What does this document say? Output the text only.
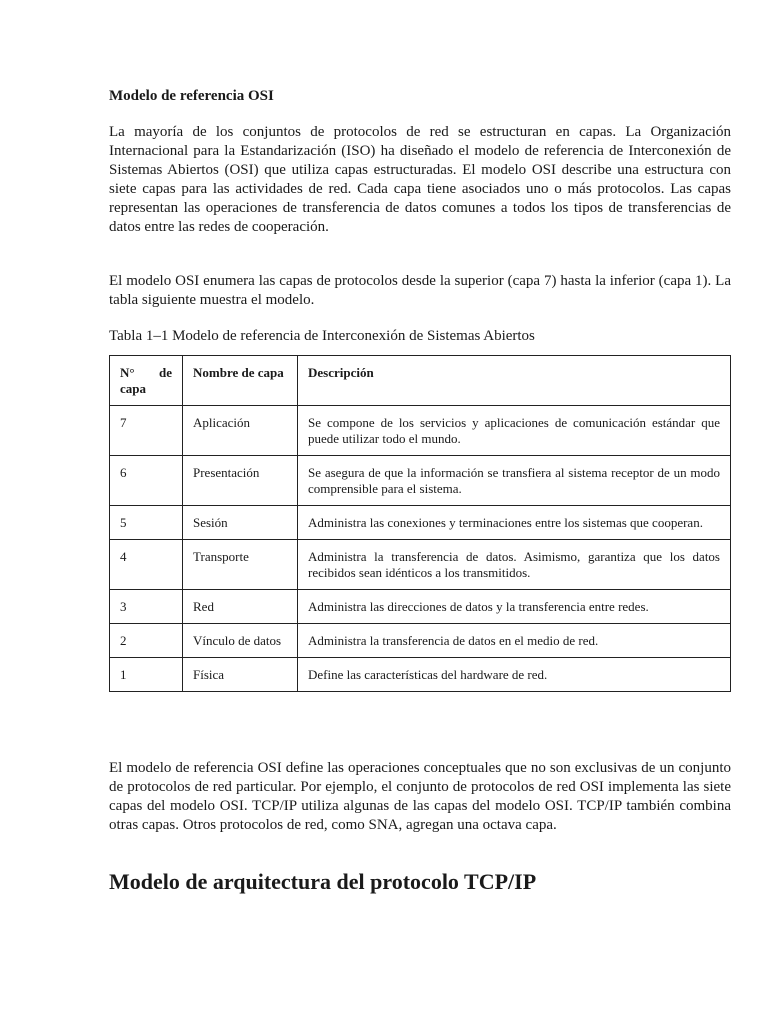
Modelo de referencia OSI

La mayoría de los conjuntos de protocolos de red se estructuran en capas. La Organización Internacional para la Estandarización (ISO) ha diseñado el modelo de referencia de Interconexión de Sistemas Abiertos (OSI) que utiliza capas estructuradas. El modelo OSI describe una estructura con siete capas para las actividades de red. Cada capa tiene asociados uno o más protocolos. Las capas representan las operaciones de transferencia de datos comunes a todos los tipos de transferencias de datos entre las redes de cooperación.

El modelo OSI enumera las capas de protocolos desde la superior (capa 7) hasta la inferior (capa 1). La tabla siguiente muestra el modelo.

Tabla 1–1 Modelo de referencia de Interconexión de Sistemas Abiertos

N° de capa	Nombre de capa	Descripción
7	Aplicación	Se compone de los servicios y aplicaciones de comunicación estándar que puede utilizar todo el mundo.
6	Presentación	Se asegura de que la información se transfiera al sistema receptor de un modo comprensible para el sistema.
5	Sesión	Administra las conexiones y terminaciones entre los sistemas que cooperan.
4	Transporte	Administra la transferencia de datos. Asimismo, garantiza que los datos recibidos sean idénticos a los transmitidos.
3	Red	Administra las direcciones de datos y la transferencia entre redes.
2	Vínculo de datos	Administra la transferencia de datos en el medio de red.
1	Física	Define las características del hardware de red.

El modelo de referencia OSI define las operaciones conceptuales que no son exclusivas de un conjunto de protocolos de red particular. Por ejemplo, el conjunto de protocolos de red OSI implementa las siete capas del modelo OSI. TCP/IP utiliza algunas de las capas del modelo OSI. TCP/IP también combina otras capas. Otros protocolos de red, como SNA, agregan una octava capa.

Modelo de arquitectura del protocolo TCP/IP
